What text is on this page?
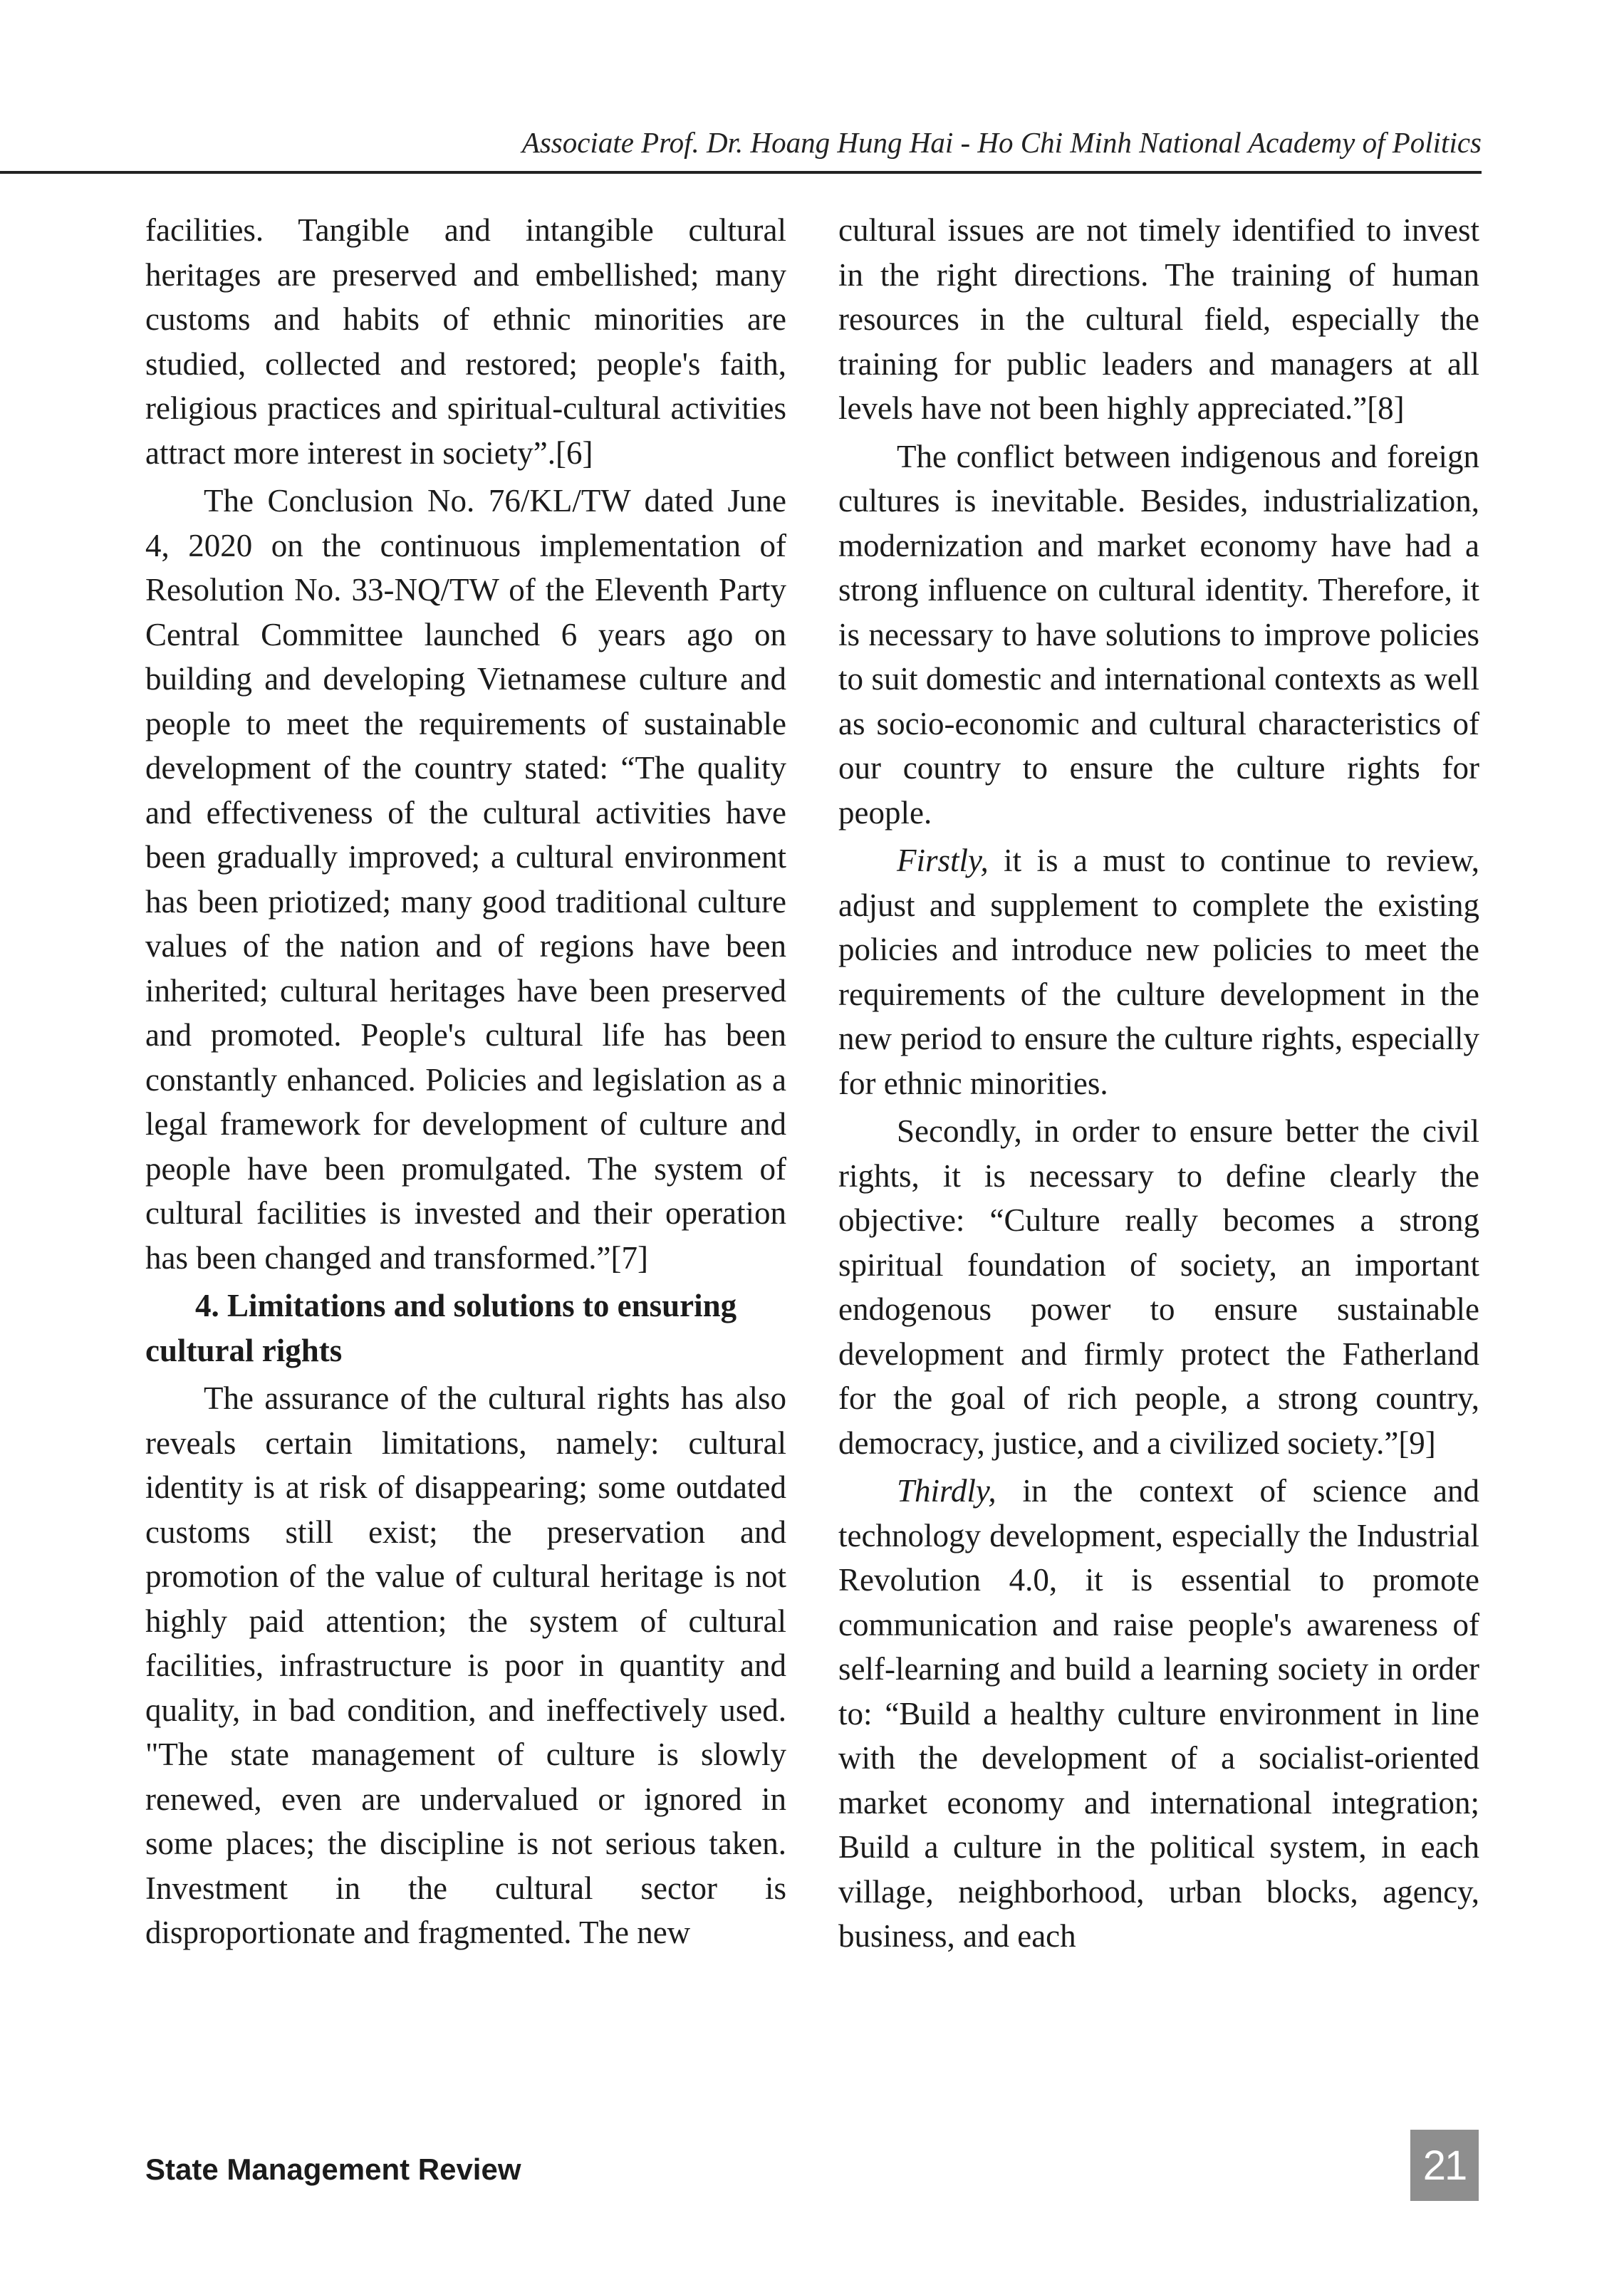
Associate Prof. Dr. Hoang Hung Hai - Ho Chi Minh National Academy of Politics

facilities. Tangible and intangible cultural heritages are preserved and embellished; many customs and habits of ethnic minorities are studied, collected and restored; people's faith, religious practices and spiritual-cultural activities attract more interest in society”.[6]

The Conclusion No. 76/KL/TW dated June 4, 2020 on the continuous implementation of Resolution No. 33-NQ/TW of the Eleventh Party Central Committee launched 6 years ago on building and developing Vietnamese culture and people to meet the requirements of sustainable development of the country stated: “The quality and effectiveness of the cultural activities have been gradually improved; a cultural environment has been priotized; many good traditional culture values of the nation and of regions have been inherited; cultural heritages have been preserved and promoted. People's cultural life has been constantly enhanced. Policies and legislation as a legal framework for development of culture and people have been promulgated. The system of cultural facilities is invested and their operation has been changed and transformed.”[7]

4. Limitations and solutions to ensuring cultural rights

The assurance of the cultural rights has also reveals certain limitations, namely: cultural identity is at risk of disappearing; some outdated customs still exist; the preservation and promotion of the value of cultural heritage is not highly paid attention; the system of cultural facilities, infrastructure is poor in quantity and quality, in bad condition, and ineffectively used. "The state management of culture is slowly renewed, even are undervalued or ignored in some places; the discipline is not serious taken. Investment in the cultural sector is disproportionate and fragmented. The new

cultural issues are not timely identified to invest in the right directions. The training of human resources in the cultural field, especially the training for public leaders and managers at all levels have not been highly appreciated.”[8]

The conflict between indigenous and foreign cultures is inevitable. Besides, industrialization, modernization and market economy have had a strong influence on cultural identity. Therefore, it is necessary to have solutions to improve policies to suit domestic and international contexts as well as socio-economic and cultural characteristics of our country to ensure the culture rights for people.

Firstly, it is a must to continue to review, adjust and supplement to complete the existing policies and introduce new policies to meet the requirements of the culture development in the new period to ensure the culture rights, especially for ethnic minorities.

Secondly, in order to ensure better the civil rights, it is necessary to define clearly the objective: “Culture really becomes a strong spiritual foundation of society, an important endogenous power to ensure sustainable development and firmly protect the Fatherland for the goal of rich people, a strong country, democracy, justice, and a civilized society.”[9]

Thirdly, in the context of science and technology development, especially the Industrial Revolution 4.0, it is essential to promote communication and raise people's awareness of self-learning and build a learning society in order to: “Build a healthy culture environment in line with the development of a socialist-oriented market economy and international integration; Build a culture in the political system, in each village, neighborhood, urban blocks, agency, business, and each

State Management Review	21
